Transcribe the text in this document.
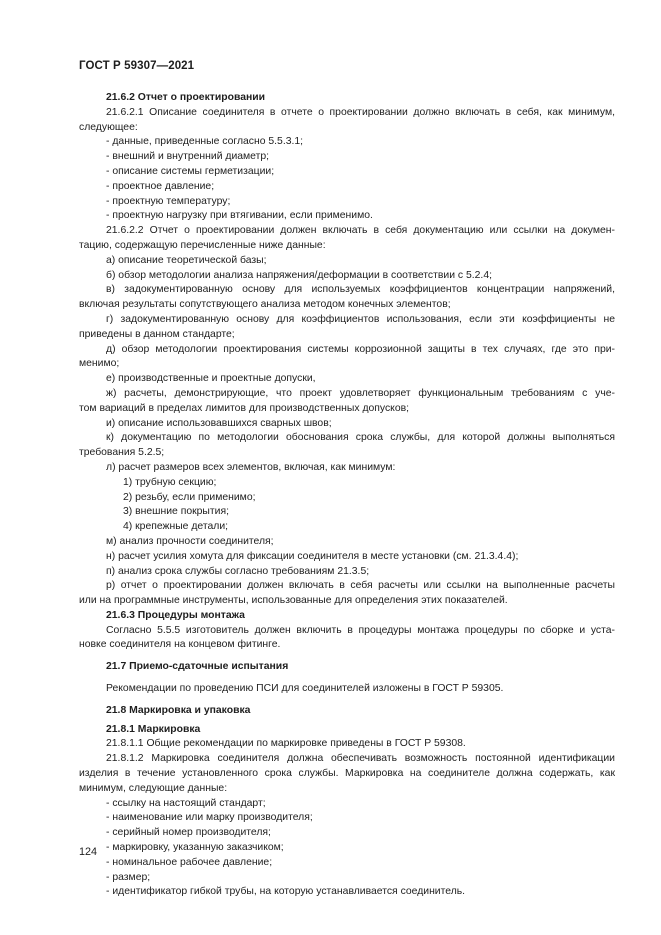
ГОСТ Р 59307—2021
21.6.2 Отчет о проектировании
21.6.2.1 Описание соединителя в отчете о проектировании должно включать в себя, как минимум,
следующее:
- данные, приведенные согласно 5.5.3.1;
- внешний и внутренний диаметр;
- описание системы герметизации;
- проектное давление;
- проектную температуру;
- проектную нагрузку при втягивании, если применимо.
21.6.2.2 Отчет о проектировании должен включать в себя документацию или ссылки на докумен-
тацию, содержащую перечисленные ниже данные:
а) описание теоретической базы;
б) обзор методологии анализа напряжения/деформации в соответствии с 5.2.4;
в) задокументированную основу для используемых коэффициентов концентрации напряжений,
включая результаты сопутствующего анализа методом конечных элементов;
г) задокументированную основу для коэффициентов использования, если эти коэффициенты не
приведены в данном стандарте;
д) обзор методологии проектирования системы коррозионной защиты в тех случаях, где это при-
менимо;
е) производственные и проектные допуски,
ж) расчеты, демонстрирующие, что проект удовлетворяет функциональным требованиям с уче-
том вариаций в пределах лимитов для производственных допусков;
и) описание использовавшихся сварных швов;
к) документацию по методологии обоснования срока службы, для которой должны выполняться
требования 5.2.5;
л) расчет размеров всех элементов, включая, как минимум:
1) трубную секцию;
2) резьбу, если применимо;
3) внешние покрытия;
4) крепежные детали;
м) анализ прочности соединителя;
н) расчет усилия хомута для фиксации соединителя в месте установки (см. 21.3.4.4);
п) анализ срока службы согласно требованиям 21.3.5;
р) отчет о проектировании должен включать в себя расчеты или ссылки на выполненные расчеты
или на программные инструменты, использованные для определения этих показателей.
21.6.3 Процедуры монтажа
Согласно 5.5.5 изготовитель должен включить в процедуры монтажа процедуры по сборке и уста-
новке соединителя на концевом фитинге.
21.7 Приемо-сдаточные испытания
Рекомендации по проведению ПСИ для соединителей изложены в ГОСТ Р 59305.
21.8 Маркировка и упаковка
21.8.1 Маркировка
21.8.1.1 Общие рекомендации по маркировке приведены в ГОСТ Р 59308.
21.8.1.2 Маркировка соединителя должна обеспечивать возможность постоянной идентификации
изделия в течение установленного срока службы. Маркировка на соединителе должна содержать, как
минимум, следующие данные:
- ссылку на настоящий стандарт;
- наименование или марку производителя;
- серийный номер производителя;
- маркировку, указанную заказчиком;
- номинальное рабочее давление;
- размер;
- идентификатор гибкой трубы, на которую устанавливается соединитель.
124
